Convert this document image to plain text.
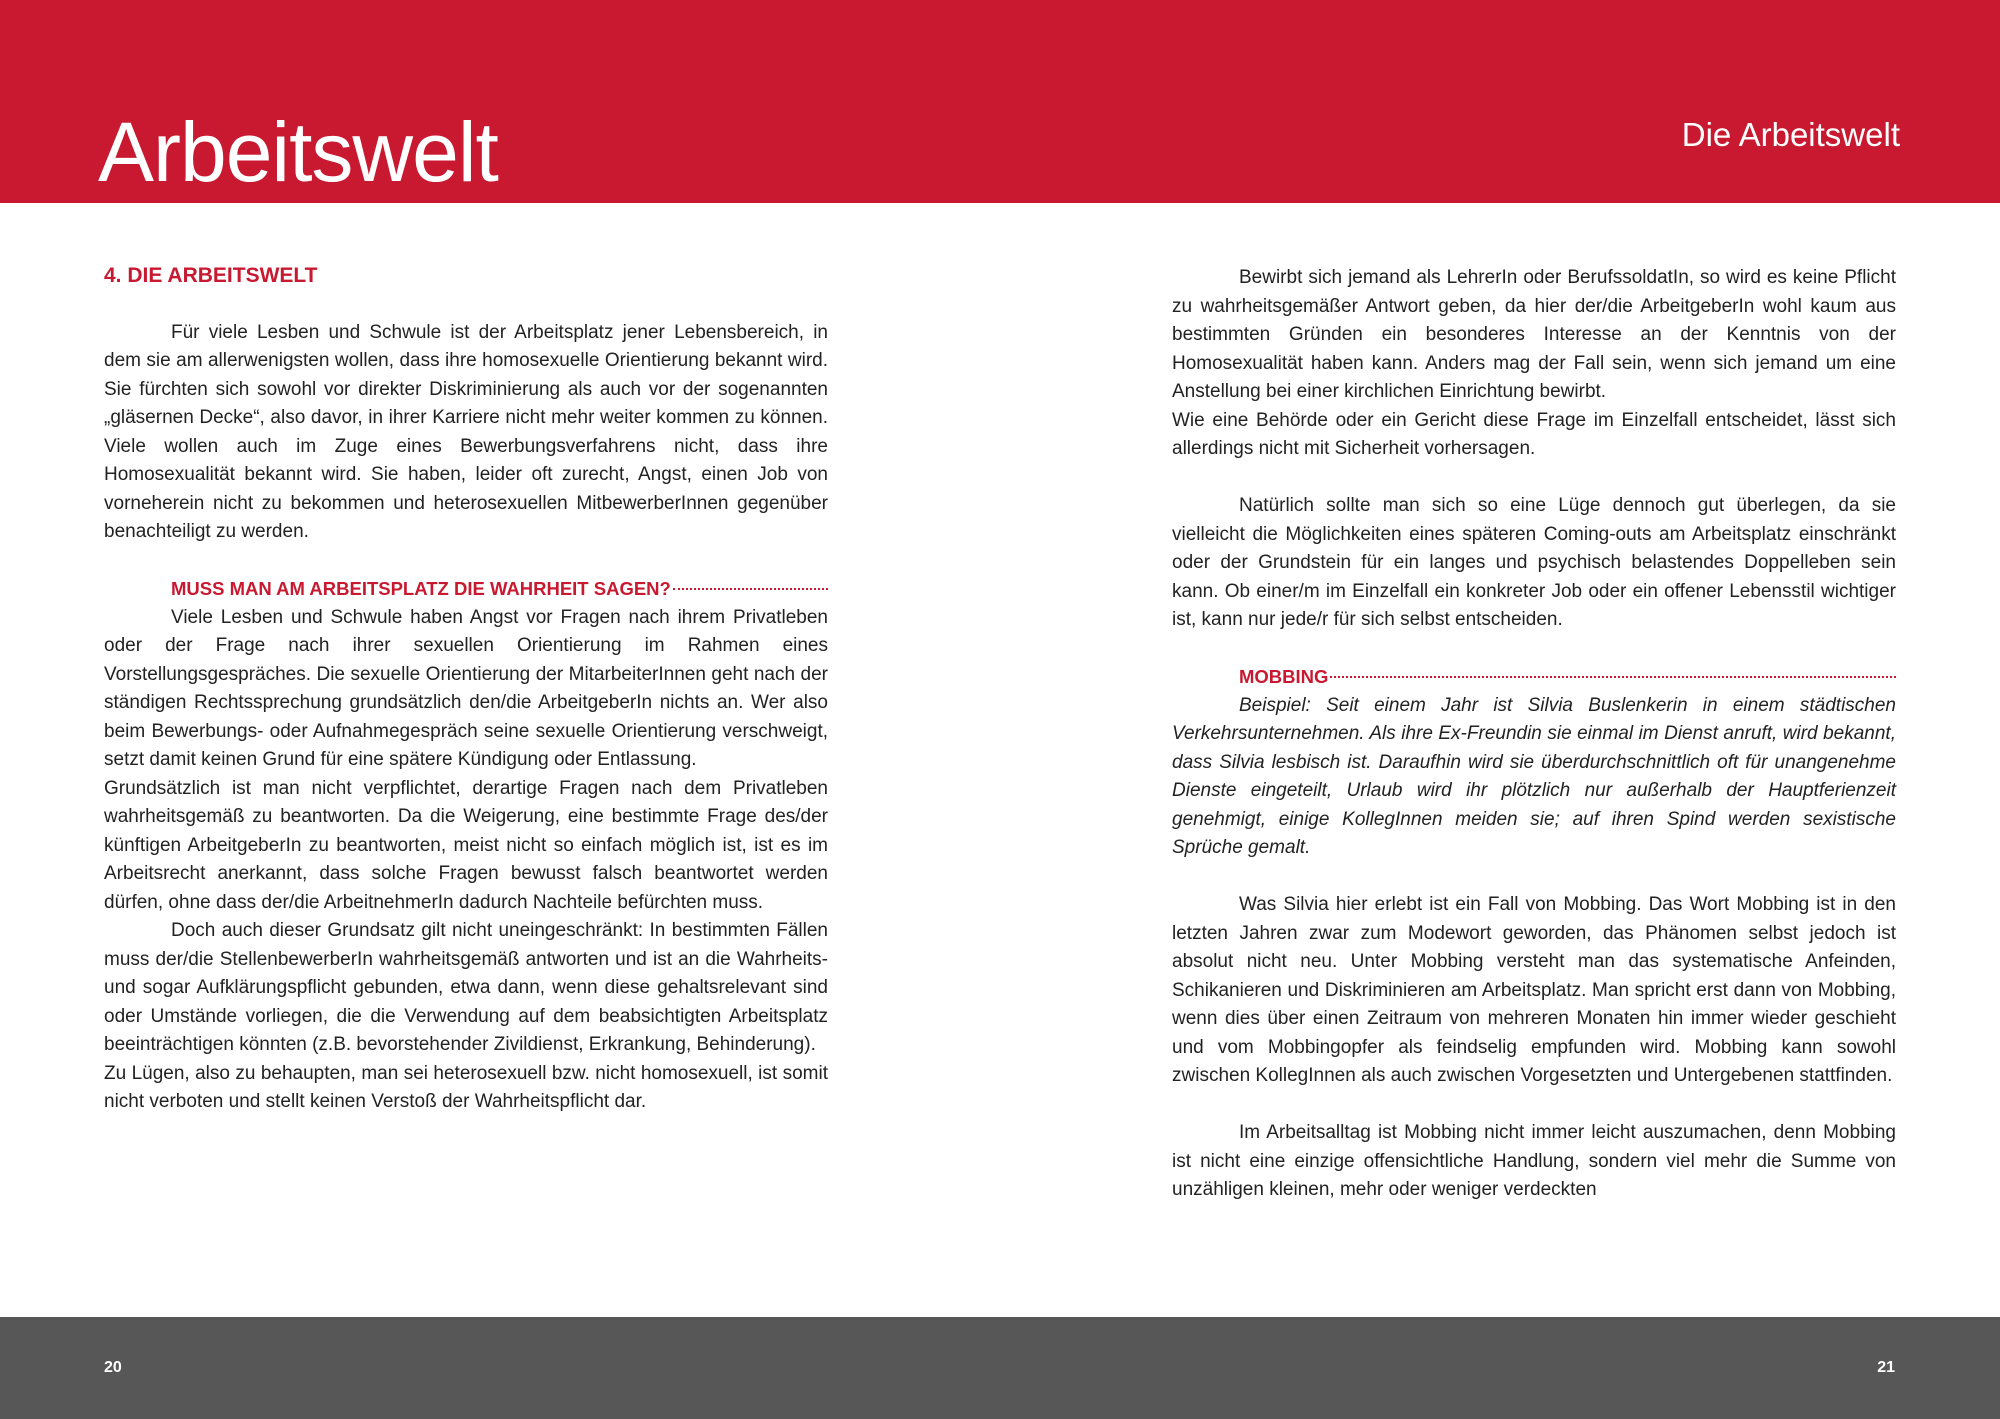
Arbeitswelt	Die Arbeitswelt
4. DIE ARBEITSWELT

Für viele Lesben und Schwule ist der Arbeitsplatz jener Lebensbereich, in dem sie am allerwenigsten wollen, dass ihre homosexuelle Orientierung bekannt wird. Sie fürchten sich sowohl vor direkter Diskriminierung als auch vor der sogenannten „gläsernen Decke“, also davor, in ihrer Karriere nicht mehr weiter kommen zu können. Viele wollen auch im Zuge eines Bewerbungsverfahrens nicht, dass ihre Homosexualität bekannt wird. Sie haben, leider oft zurecht, Angst, einen Job von vorneherein nicht zu bekommen und heterosexuellen MitbewerberInnen gegenüber benachteiligt zu werden.

MUSS MAN AM ARBEITSPLATZ DIE WAHRHEIT SAGEN?

Viele Lesben und Schwule haben Angst vor Fragen nach ihrem Privatleben oder der Frage nach ihrer sexuellen Orientierung im Rahmen eines Vorstellungsgespräches. Die sexuelle Orientierung der MitarbeiterInnen geht nach der ständigen Rechtssprechung grundsätzlich den/die ArbeitgeberIn nichts an. Wer also beim Bewerbungs- oder Aufnahmegespräch seine sexuelle Orientierung verschweigt, setzt damit keinen Grund für eine spätere Kündigung oder Entlassung.

Grundsätzlich ist man nicht verpflichtet, derartige Fragen nach dem Privatleben wahrheitsgemäß zu beantworten. Da die Weigerung, eine bestimmte Frage des/der künftigen ArbeitgeberIn zu beantworten, meist nicht so einfach möglich ist, ist es im Arbeitsrecht anerkannt, dass solche Fragen bewusst falsch beantwortet werden dürfen, ohne dass der/die ArbeitnehmerIn dadurch Nachteile befürchten muss.

Doch auch dieser Grundsatz gilt nicht uneingeschränkt: In bestimmten Fällen muss der/die StellenbewerberIn wahrheitsgemäß antworten und ist an die Wahrheits- und sogar Aufklärungspflicht gebunden, etwa dann, wenn diese gehaltsrelevant sind oder Umstände vorliegen, die die Verwendung auf dem beabsichtigten Arbeitsplatz beeinträchtigen könnten (z.B. bevorstehender Zivildienst, Erkrankung, Behinderung).

Zu Lügen, also zu behaupten, man sei heterosexuell bzw. nicht homosexuell, ist somit nicht verboten und stellt keinen Verstoß der Wahrheitspflicht dar.

Bewirbt sich jemand als LehrerIn oder BerufssoldatIn, so wird es keine Pflicht zu wahrheitsgemäßer Antwort geben, da hier der/die ArbeitgeberIn wohl kaum aus bestimmten Gründen ein besonderes Interesse an der Kenntnis von der Homosexualität haben kann. Anders mag der Fall sein, wenn sich jemand um eine Anstellung bei einer kirchlichen Einrichtung bewirbt.

Wie eine Behörde oder ein Gericht diese Frage im Einzelfall entscheidet, lässt sich allerdings nicht mit Sicherheit vorhersagen.

Natürlich sollte man sich so eine Lüge dennoch gut überlegen, da sie vielleicht die Möglichkeiten eines späteren Coming-outs am Arbeitsplatz einschränkt oder der Grundstein für ein langes und psychisch belastendes Doppelleben sein kann. Ob einer/m im Einzelfall ein konkreter Job oder ein offener Lebensstil wichtiger ist, kann nur jede/r für sich selbst entscheiden.

MOBBING

Beispiel: Seit einem Jahr ist Silvia Buslenkerin in einem städtischen Verkehrsunternehmen. Als ihre Ex-Freundin sie einmal im Dienst anruft, wird bekannt, dass Silvia lesbisch ist. Daraufhin wird sie überdurchschnittlich oft für unangenehme Dienste eingeteilt, Urlaub wird ihr plötzlich nur außerhalb der Hauptferienzeit genehmigt, einige KollegInnen meiden sie; auf ihren Spind werden sexistische Sprüche gemalt.

Was Silvia hier erlebt ist ein Fall von Mobbing. Das Wort Mobbing ist in den letzten Jahren zwar zum Modewort geworden, das Phänomen selbst jedoch ist absolut nicht neu. Unter Mobbing versteht man das systematische Anfeinden, Schikanieren und Diskriminieren am Arbeitsplatz. Man spricht erst dann von Mobbing, wenn dies über einen Zeitraum von mehreren Monaten hin immer wieder geschieht und vom Mobbingopfer als feindselig empfunden wird. Mobbing kann sowohl zwischen KollegInnen als auch zwischen Vorgesetzten und Untergebenen stattfinden.

Im Arbeitsalltag ist Mobbing nicht immer leicht auszumachen, denn Mobbing ist nicht eine einzige offensichtliche Handlung, sondern viel mehr die Summe von unzähligen kleinen, mehr oder weniger verdeckten

20	21
